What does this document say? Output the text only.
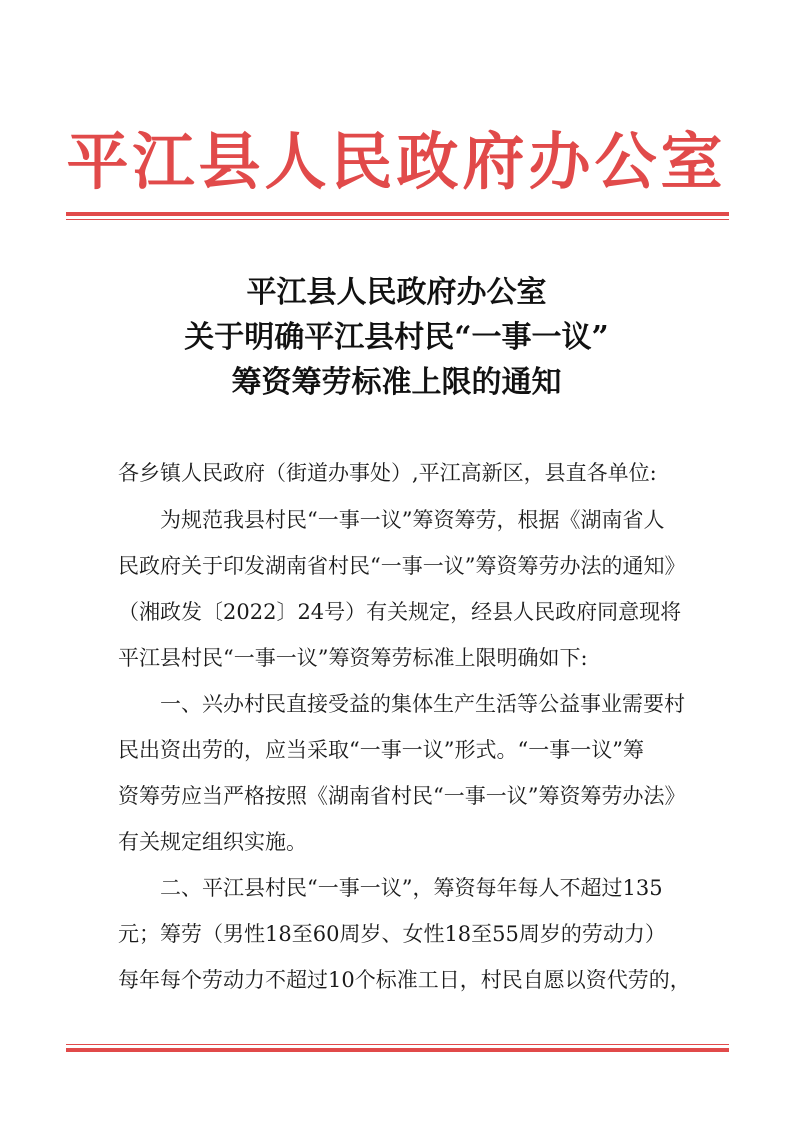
平江县人民政府办公室
平江县人民政府办公室
关于明确平江县村民“一事一议”
筹资筹劳标准上限的通知
各乡镇人民政府（街道办事处）,平江高新区，县直各单位:
为规范我县村民“一事一议”筹资筹劳，根据《湖南省人
民政府关于印发湖南省村民“一事一议”筹资筹劳办法的通知》
（湘政发〔2022〕24号）有关规定，经县人民政府同意现将
平江县村民“一事一议”筹资筹劳标准上限明确如下:
一、兴办村民直接受益的集体生产生活等公益事业需要村
民出资出劳的，应当采取“一事一议”形式。“一事一议”筹
资筹劳应当严格按照《湖南省村民“一事一议”筹资筹劳办法》
有关规定组织实施。
二、平江县村民“一事一议”，筹资每年每人不超过135
元；筹劳（男性18至60周岁、女性18至55周岁的劳动力）
每年每个劳动力不超过10个标准工日，村民自愿以资代劳的，
